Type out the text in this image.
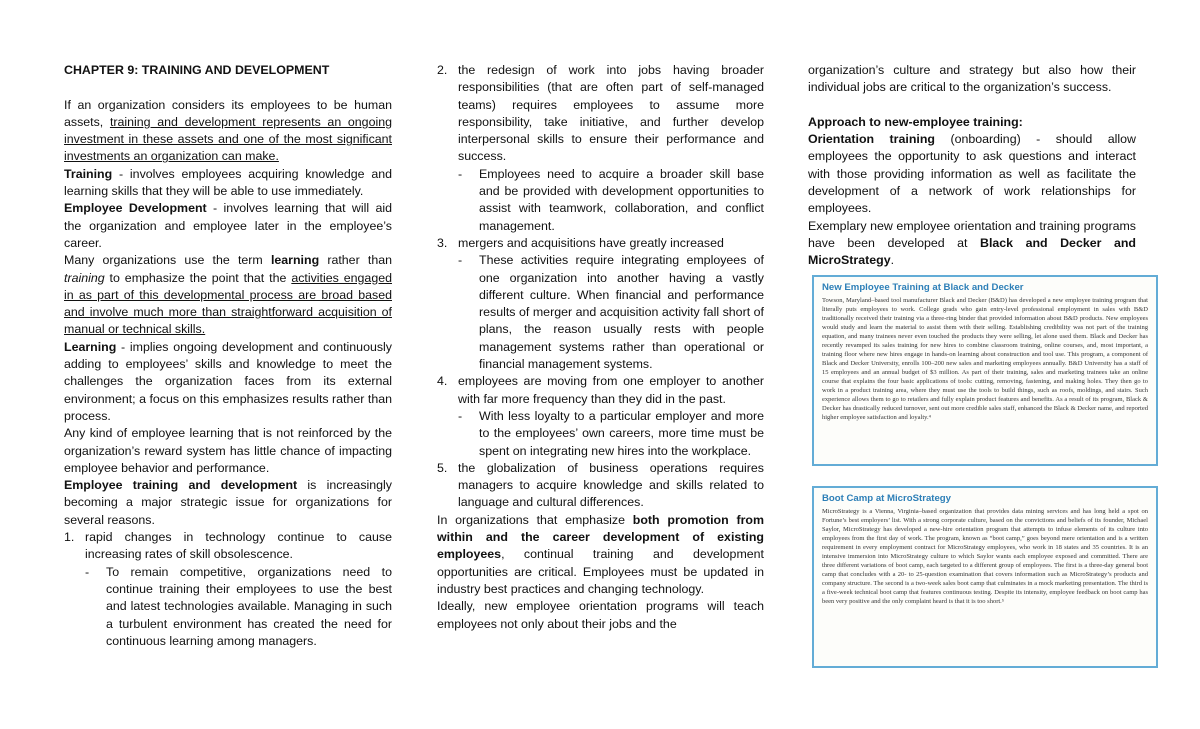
CHAPTER 9: TRAINING AND DEVELOPMENT

If an organization considers its employees to be human assets, training and development represents an ongoing investment in these assets and one of the most significant investments an organization can make.

Training - involves employees acquiring knowledge and learning skills that they will be able to use immediately.

Employee Development - involves learning that will aid the organization and employee later in the employee’s career.

Many organizations use the term learning rather than training to emphasize the point that the activities engaged in as part of this developmental process are broad based and involve much more than straightforward acquisition of manual or technical skills.

Learning - implies ongoing development and continuously adding to employees’ skills and knowledge to meet the challenges the organization faces from its external environment; a focus on this emphasizes results rather than process.

Any kind of employee learning that is not reinforced by the organization’s reward system has little chance of impacting employee behavior and performance.

Employee training and development is increasingly becoming a major strategic issue for organizations for several reasons.

1. rapid changes in technology continue to cause increasing rates of skill obsolescence.
- To remain competitive, organizations need to continue training their employees to use the best and latest technologies available. Managing in such a turbulent environment has created the need for continuous learning among managers.
2. the redesign of work into jobs having broader responsibilities (that are often part of self-managed teams) requires employees to assume more responsibility, take initiative, and further develop interpersonal skills to ensure their performance and success.
- Employees need to acquire a broader skill base and be provided with development opportunities to assist with teamwork, collaboration, and conflict management.
3. mergers and acquisitions have greatly increased
- These activities require integrating employees of one organization into another having a vastly different culture. When financial and performance results of merger and acquisition activity fall short of plans, the reason usually rests with people management systems rather than operational or financial management systems.
4. employees are moving from one employer to another with far more frequency than they did in the past.
- With less loyalty to a particular employer and more to the employees’ own careers, more time must be spent on integrating new hires into the workplace.
5. the globalization of business operations requires managers to acquire knowledge and skills related to language and cultural differences.

In organizations that emphasize both promotion from within and the career development of existing employees, continual training and development opportunities are critical. Employees must be updated in industry best practices and changing technology.

Ideally, new employee orientation programs will teach employees not only about their jobs and the

organization’s culture and strategy but also how their individual jobs are critical to the organization’s success.

Approach to new-employee training:

Orientation training (onboarding) - should allow employees the opportunity to ask questions and interact with those providing information as well as facilitate the development of a network of work relationships for employees.

Exemplary new employee orientation and training programs have been developed at Black and Decker and MicroStrategy.

New Employee Training at Black and Decker
Towson, Maryland–based tool manufacturer Black and Decker (B&D) has developed a new employee training program that literally puts employees to work. College grads who gain entry-level professional employment in sales with B&D traditionally received their training via a three-ring binder that provided information about B&D products. New employees would study and learn the material to assist them with their selling. Establishing credibility was not part of the training equation, and many trainees never even touched the products they were selling, let alone used them. Black and Decker has recently revamped its sales training for new hires to combine classroom training, online courses, and, most important, a training floor where new hires engage in hands-on learning about construction and tool use. This program, a component of Black and Decker University, enrolls 100–200 new sales and marketing employees annually. B&D University has a staff of 15 employees and an annual budget of $3 million. As part of their training, sales and marketing trainees take an online course that explains the four basic applications of tools: cutting, removing, fastening, and making holes. They then go to work in a product training area, where they must use the tools to build things, such as roofs, moldings, and stairs. Such experience allows them to go to retailers and fully explain product features and benefits. As a result of its program, Black & Decker has drastically reduced turnover, sent out more credible sales staff, enhanced the Black & Decker name, and reported higher employee satisfaction and loyalty.⁴
Boot Camp at MicroStrategy
MicroStrategy is a Vienna, Virginia–based organization that provides data mining services and has long held a spot on Fortune’s best employers’ list. With a strong corporate culture, based on the convictions and beliefs of its founder, Michael Saylor, MicroStrategy has developed a new-hire orientation program that attempts to infuse elements of its culture into employees from the first day of work. The program, known as “boot camp,” goes beyond mere orientation and is a written requirement in every employment contract for MicroStrategy employees, who work in 18 states and 35 countries. It is an intensive immersion into MicroStrategy culture to which Saylor wants each employee exposed and committed. There are three different variations of boot camp, each targeted to a different group of employees. The first is a three-day general boot camp that concludes with a 20- to 25-question examination that covers information such as MicroStrategy’s products and company structure. The second is a two-week sales boot camp that culminates in a mock marketing presentation. The third is a five-week technical boot camp that features continuous testing. Despite its intensity, employee feedback on boot camp has been very positive and the only complaint heard is that it is too short.⁵
